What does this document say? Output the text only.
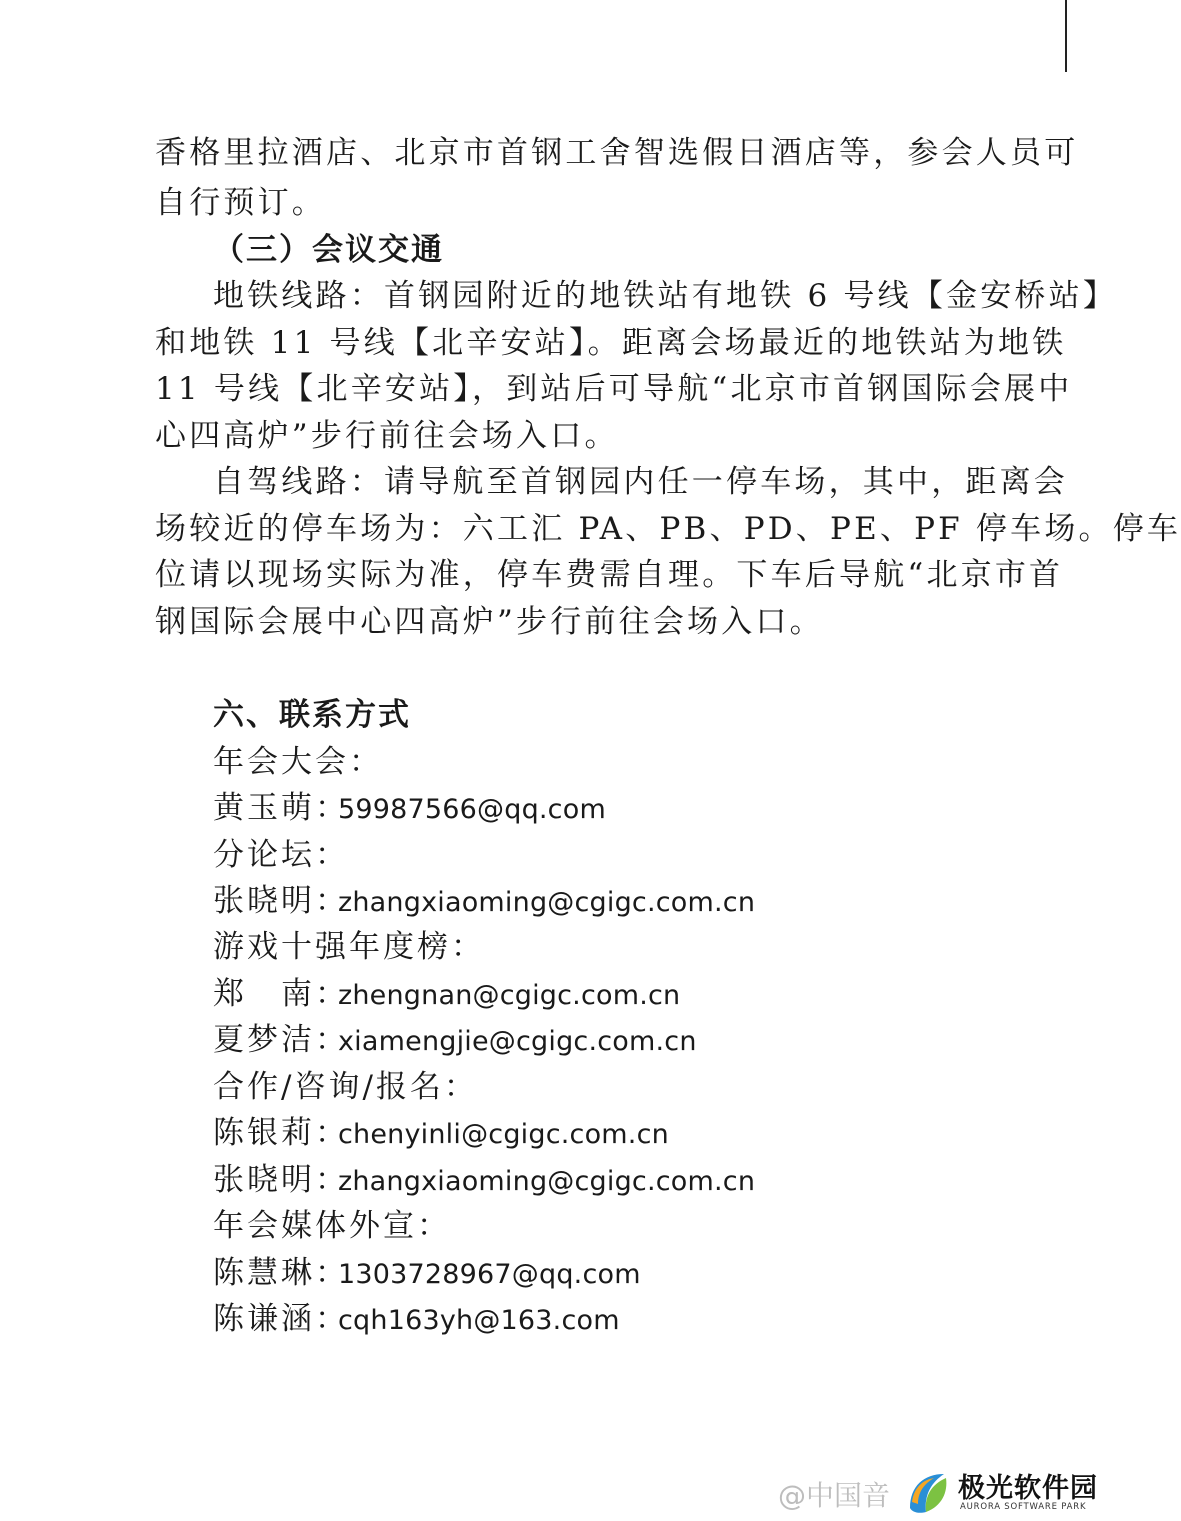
香格里拉酒店、北京市首钢工舍智选假日酒店等，参会人员可
自行预订。
（三）会议交通
地铁线路：首钢园附近的地铁站有地铁 6 号线【金安桥站】
和地铁 11 号线【北辛安站】。距离会场最近的地铁站为地铁
11 号线【北辛安站】，到站后可导航“北京市首钢国际会展中
心四高炉”步行前往会场入口。
自驾线路：请导航至首钢园内任一停车场，其中，距离会
场较近的停车场为：六工汇 PA、PB、PD、PE、PF 停车场。停车
位请以现场实际为准，停车费需自理。下车后导航“北京市首
钢国际会展中心四高炉”步行前往会场入口。
六、联系方式
年会大会：
黄玉萌：59987566@qq.com
分论坛：
张晓明：zhangxiaoming@cgigc.com.cn
游戏十强年度榜：
郑　南：zhengnan@cgigc.com.cn
夏梦洁：xiamengjie@cgigc.com.cn
合作/咨询/报名：
陈银莉：chenyinli@cgigc.com.cn
张晓明：zhangxiaoming@cgigc.com.cn
年会媒体外宣：
陈慧琳：1303728967@qq.com
陈谦涵：cqh163yh@163.com
@中国音	极光软件园
AURORA SOFTWARE PARK
